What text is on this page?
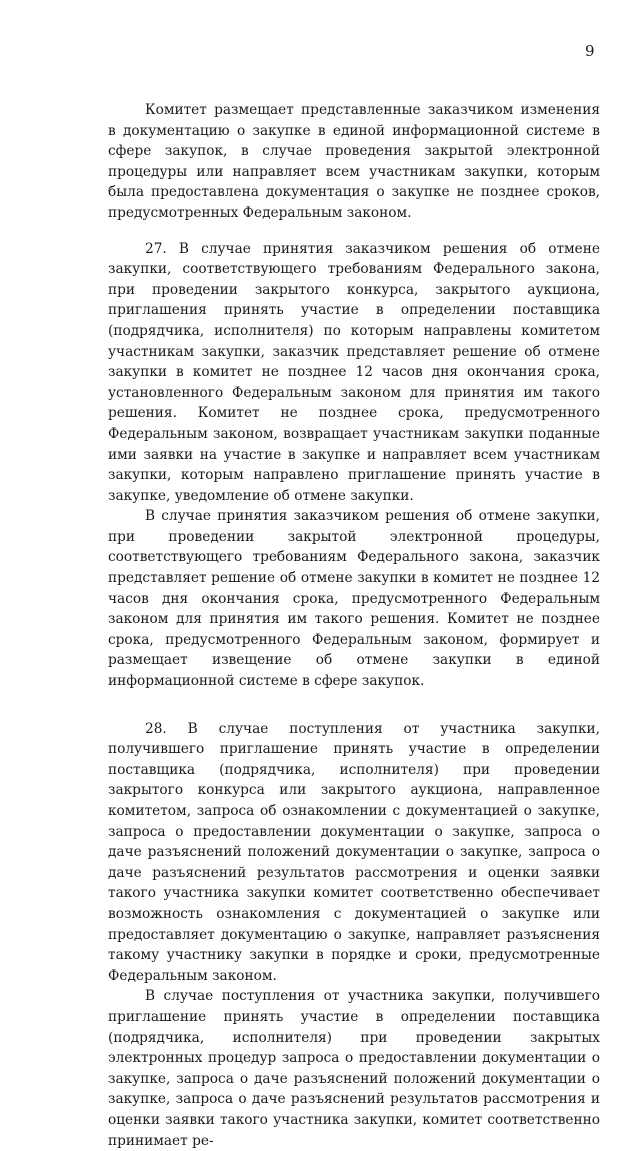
9

Комитет размещает представленные заказчиком изменения в документацию о закупке в единой информационной системе в сфере закупок, в случае проведения закрытой электронной процедуры или направляет всем участникам закупки, которым была предоставлена документация о закупке не позднее сроков, предусмотренных Федеральным законом.

27. В случае принятия заказчиком решения об отмене закупки, соответствующего требованиям Федерального закона, при проведении закрытого конкурса, закрытого аукциона, приглашения принять участие в определении поставщика (подрядчика, исполнителя) по которым направлены комитетом участникам закупки, заказчик представляет решение об отмене закупки в комитет не позднее 12 часов дня окончания срока, установленного Федеральным законом для принятия им такого решения. Комитет не позднее срока, предусмотренного Федеральным законом, возвращает участникам закупки поданные ими заявки на участие в закупке и направляет всем участникам закупки, которым направлено приглашение принять участие в закупке, уведомление об отмене закупки.

В случае принятия заказчиком решения об отмене закупки, при проведении закрытой электронной процедуры, соответствующего требованиям Федерального закона, заказчик представляет решение об отмене закупки в комитет не позднее 12 часов дня окончания срока, предусмотренного Федеральным законом для принятия им такого решения. Комитет не позднее срока, предусмотренного Федеральным законом, формирует и размещает извещение об отмене закупки в единой информационной системе в сфере закупок.

28. В случае поступления от участника закупки, получившего приглашение принять участие в определении поставщика (подрядчика, исполнителя) при проведении закрытого конкурса или закрытого аукциона, направленное комитетом, запроса об ознакомлении с документацией о закупке, запроса о предоставлении документации о закупке, запроса о даче разъяснений положений документации о закупке, запроса о даче разъяснений результатов рассмотрения и оценки заявки такого участника закупки комитет соответственно обеспечивает возможность ознакомления с документацией о закупке или предоставляет документацию о закупке, направляет разъяснения такому участнику закупки в порядке и сроки, предусмотренные Федеральным законом.

В случае поступления от участника закупки, получившего приглашение принять участие в определении поставщика (подрядчика, исполнителя) при проведении закрытых электронных процедур запроса о предоставлении документации о закупке, запроса о даче разъяснений положений документации о закупке, запроса о даче разъяснений результатов рассмотрения и оценки заявки такого участника закупки, комитет соответственно принимает ре-
